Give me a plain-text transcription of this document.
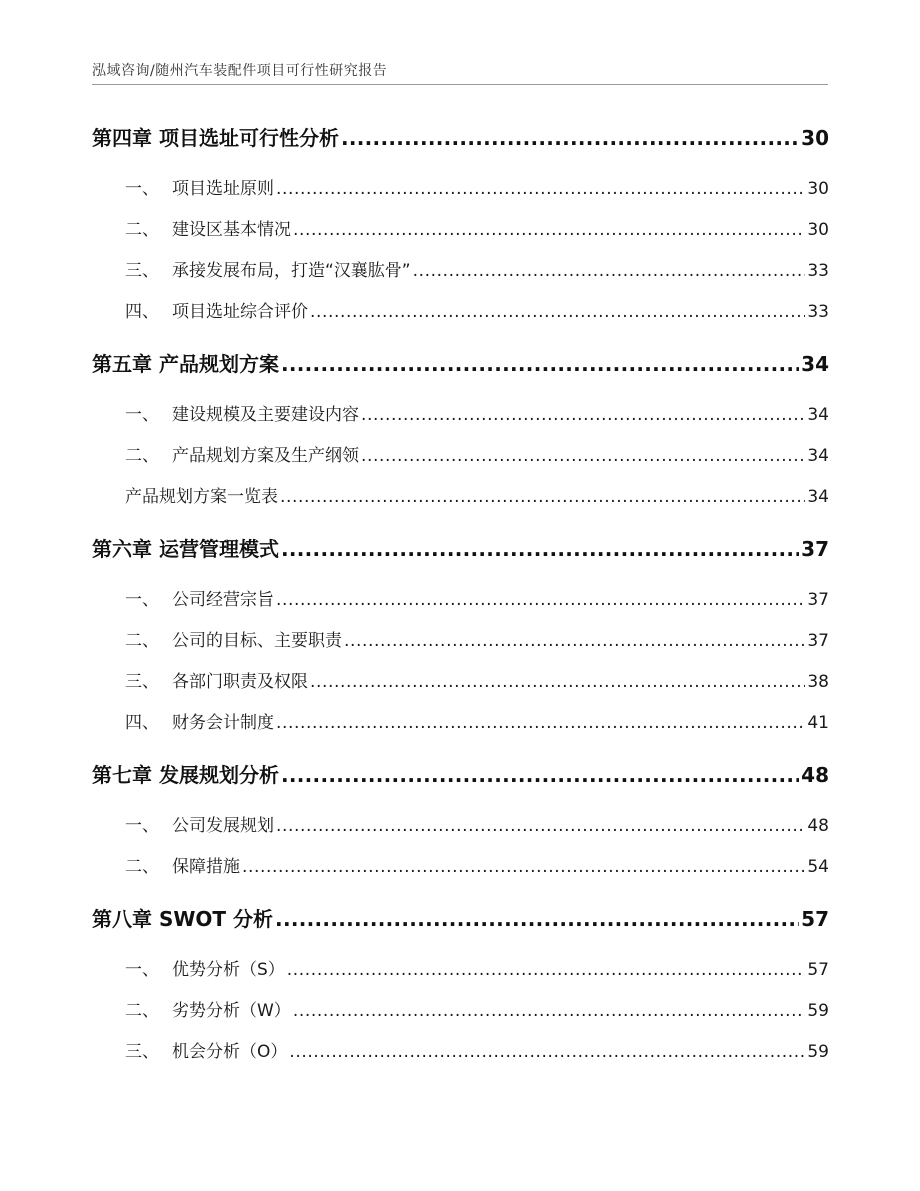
泓域咨询/随州汽车装配件项目可行性研究报告
第四章 项目选址可行性分析 .....	30
一、 项目选址原则 .....	30
二、 建设区基本情况 .....	30
三、 承接发展布局，打造“汉襄肱骨” .....	33
四、 项目选址综合评价 .....	33
第五章 产品规划方案 .....	34
一、 建设规模及主要建设内容 .....	34
二、 产品规划方案及生产纲领 .....	34
产品规划方案一览表 .....	34
第六章 运营管理模式 .....	37
一、 公司经营宗旨 .....	37
二、 公司的目标、主要职责 .....	37
三、 各部门职责及权限 .....	38
四、 财务会计制度 .....	41
第七章 发展规划分析 .....	48
一、 公司发展规划 .....	48
二、 保障措施 .....	54
第八章 SWOT 分析 .....	57
一、 优势分析（S） .....	57
二、 劣势分析（W） .....	59
三、 机会分析（O） .....	59
